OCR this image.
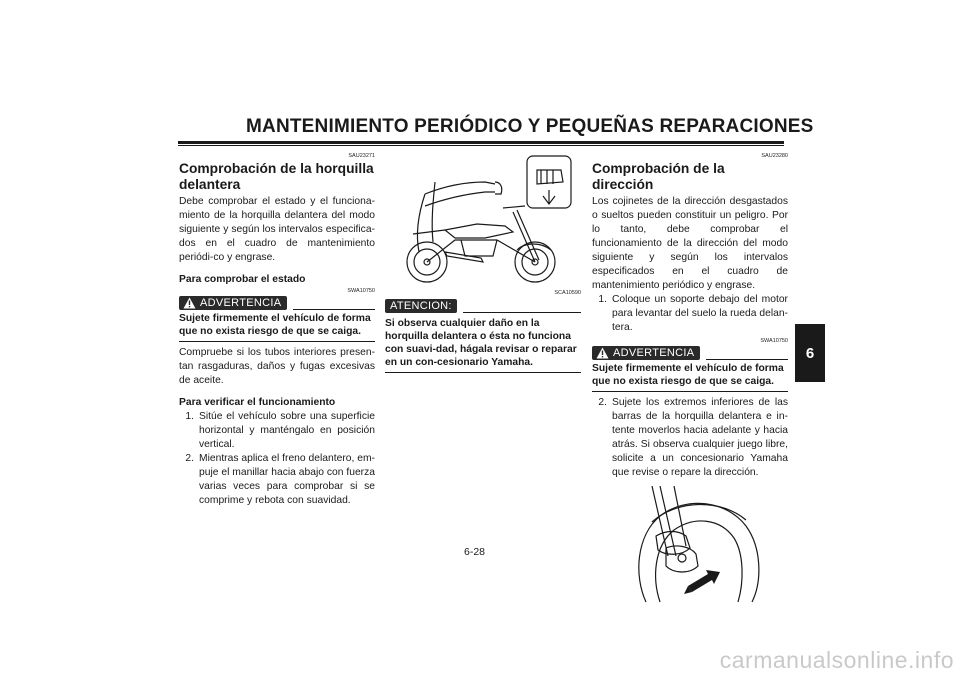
MANTENIMIENTO PERIÓDICO Y PEQUEÑAS REPARACIONES
6
SAU23271
Comprobación de la horquilla delantera

Debe comprobar el estado y el funciona-miento de la horquilla delantera del modo siguiente y según los intervalos especifica-dos en el cuadro de mantenimiento periódi-co y engrase.

Para comprobar el estado
SWA10750
ADVERTENCIA
Sujete firmemente el vehículo de forma que no exista riesgo de que se caiga.

Compruebe si los tubos interiores presen-tan rasgaduras, daños y fugas excesivas de aceite.

Para verificar el funcionamiento
1. Sitúe el vehículo sobre una superficie horizontal y manténgalo en posición vertical.
2. Mientras aplica el freno delantero, em-puje el manillar hacia abajo con fuerza varias veces para comprobar si se comprime y rebota con suavidad.
SCA10590
ATENCION:
Si observa cualquier daño en la horquilla delantera o ésta no funciona con suavi-dad, hágala revisar o reparar en un con-cesionario Yamaha.
SAU23280
Comprobación de la dirección

Los cojinetes de la dirección desgastados o sueltos pueden constituir un peligro. Por lo tanto, debe comprobar el funcionamiento de la dirección del modo siguiente y según los intervalos especificados en el cuadro de mantenimiento periódico y engrase.

1. Coloque un soporte debajo del motor para levantar del suelo la rueda delan-tera.
SWA10750
ADVERTENCIA
Sujete firmemente el vehículo de forma que no exista riesgo de que se caiga.
2. Sujete los extremos inferiores de las barras de la horquilla delantera e in-tente moverlos hacia adelante y hacia atrás. Si observa cualquier juego libre, solicite a un concesionario Yamaha que revise o repare la dirección.
6-28
carmanualsonline.info
